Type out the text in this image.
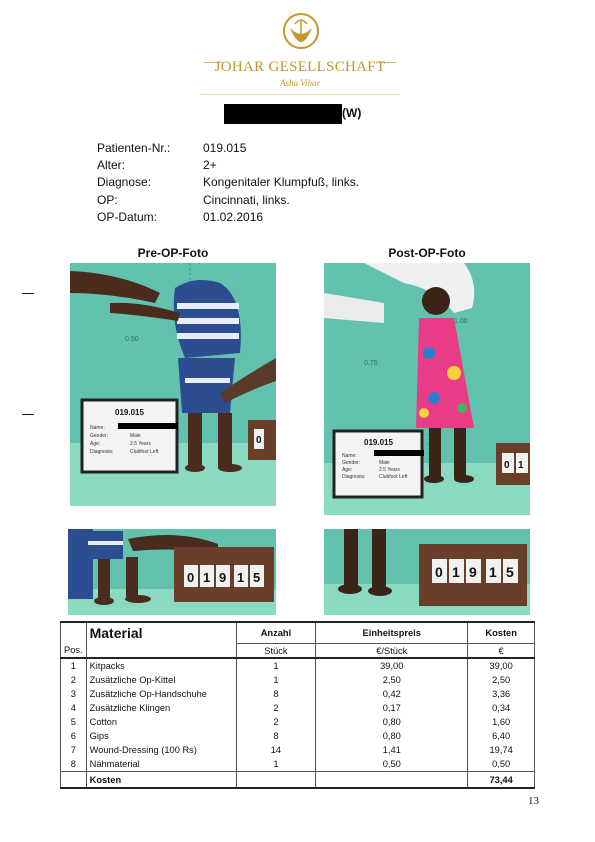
JOHAR GESELLSCHAFT
Asha Vihar
(W)
Patienten-Nr.:	019.015
Alter:	2+
Diagnose:	Kongenitaler Klumpfuß, links.
OP:	Cincinnati, links.
OP-Datum:	01.02.2016
Pre-OP-Foto	Post-OP-Foto
0.50
019.015
Name:
Gender:
Age:
Diagnosis:
Male
2.5 Years
Clubfoot Left
0
1.00
0.75
019.015
Name:
Gender:
Age:
Diagnosis:
Male
2.5 Years
Clubfoot Left
0 1
0 1 9 1 5	0 1 9 1 5
	Material	Anzahl	Einheitspreis	Kosten
Pos.		Stück	€/Stück	€
1	Kitpacks	1	39,00	39,00
2	Zusätzliche Op-Kittel	1	2,50	2,50
3	Zusätzliche Op-Handschuhe	8	0,42	3,36
4	Zusätzliche Klingen	2	0,17	0,34
5	Cotton	2	0,80	1,60
6	Gips	8	0,80	6,40
7	Wound-Dressing (100 Rs)	14	1,41	19,74
8	Nähmaterial	1	0,50	0,50
	Kosten			73,44
13
